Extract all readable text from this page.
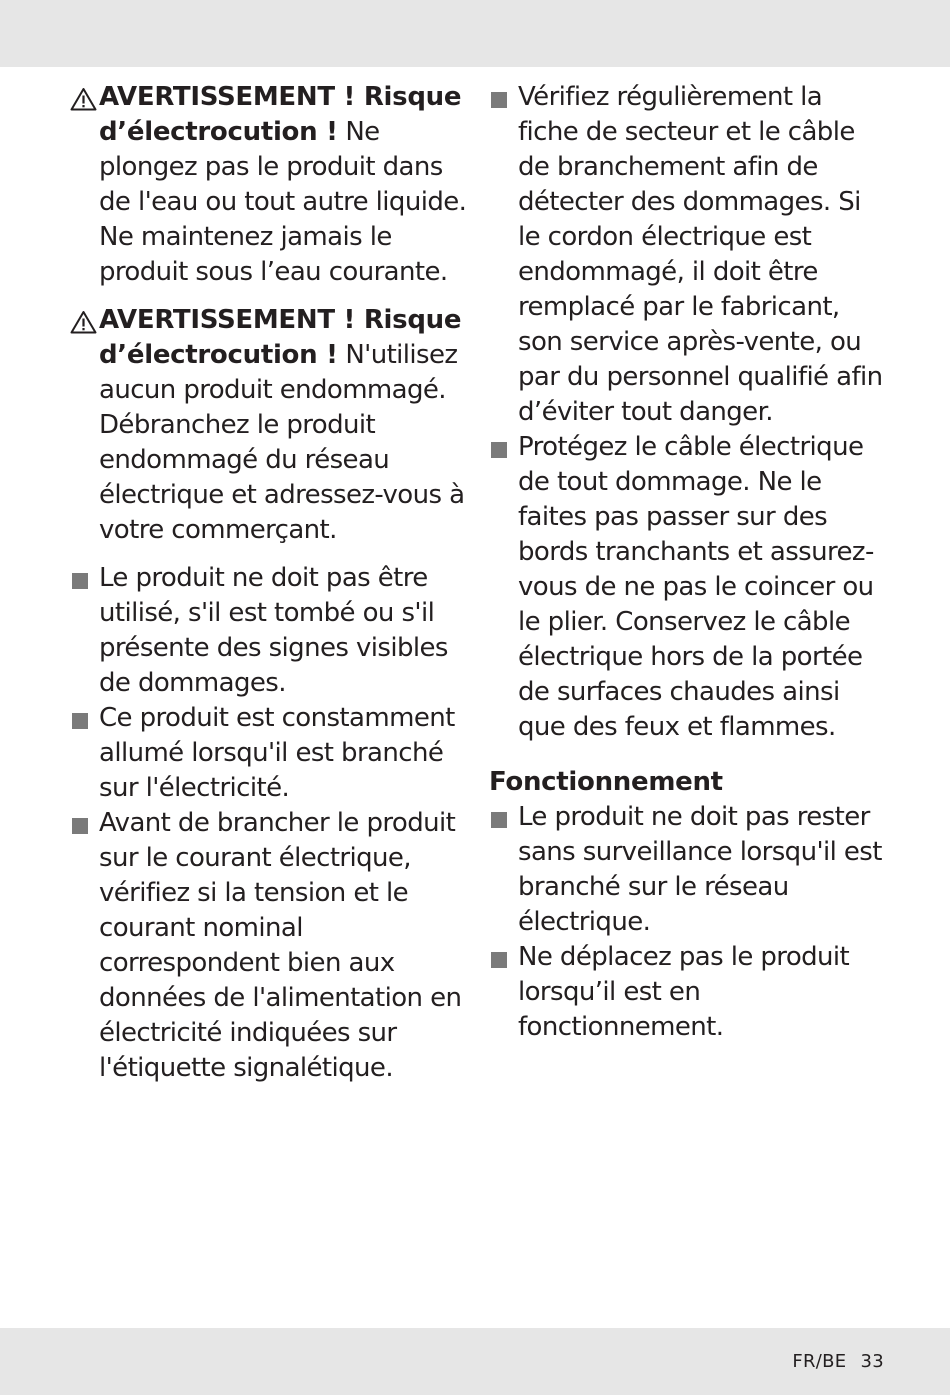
AVERTISSEMENT ! Risque d’électrocution ! Ne plongez pas le produit dans de l'eau ou tout autre liquide. Ne maintenez jamais le produit sous l’eau courante.
AVERTISSEMENT ! Risque d’électrocution ! N'utilisez aucun produit endommagé. Débranchez le produit endommagé du réseau électrique et adressez-vous à votre commerçant.
Le produit ne doit pas être utilisé, s'il est tombé ou s'il présente des signes visibles de dommages.
Ce produit est constamment allumé lorsqu'il est branché sur l'électricité.
Avant de brancher le produit sur le courant électrique, vérifiez si la tension et le courant nominal correspondent bien aux données de l'alimentation en électricité indiquées sur l'étiquette signalétique.
Vérifiez régulièrement la fiche de secteur et le câble de branchement afin de détecter des dommages. Si le cordon électrique est endommagé, il doit être remplacé par le fabricant, son service après-vente, ou par du personnel qualifié afin d’éviter tout danger.
Protégez le câble électrique de tout dommage. Ne le faites pas passer sur des bords tranchants et assurez-vous de ne pas le coincer ou le plier. Conservez le câble électrique hors de la portée de surfaces chaudes ainsi que des feux et flammes.
Fonctionnement
Le produit ne doit pas rester sans surveillance lorsqu'il est branché sur le réseau électrique.
Ne déplacez pas le produit lorsqu’il est en fonctionnement.
FR/BE 33
